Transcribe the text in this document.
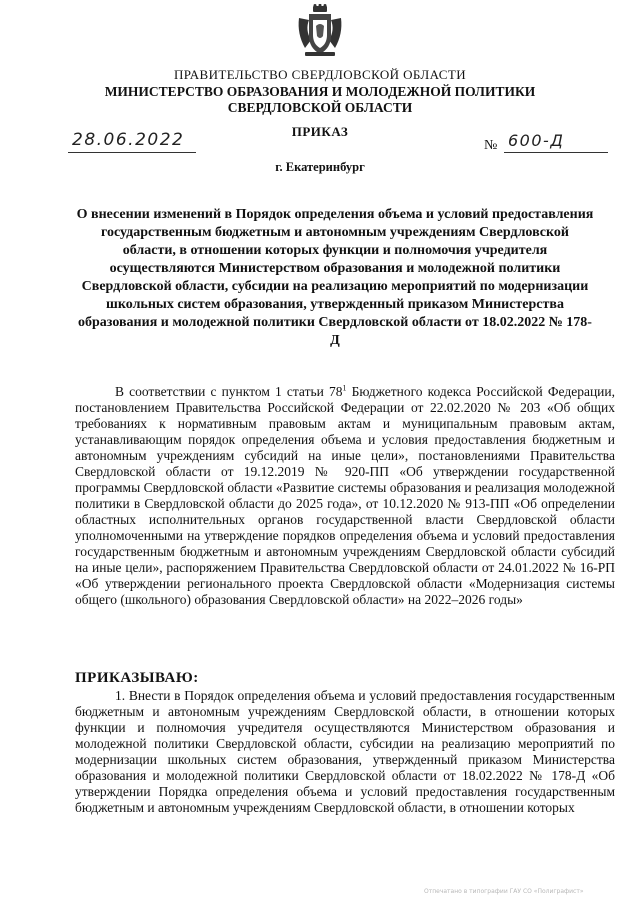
ПРАВИТЕЛЬСТВО СВЕРДЛОВСКОЙ ОБЛАСТИ
МИНИСТЕРСТВО ОБРАЗОВАНИЯ И МОЛОДЕЖНОЙ ПОЛИТИКИ
СВЕРДЛОВСКОЙ ОБЛАСТИ
ПРИКАЗ
28.06.2022	№ 600-Д
г. Екатеринбург
О внесении изменений в Порядок определения объема и условий предоставления государственным бюджетным и автономным учреждениям Свердловской области, в отношении которых функции и полномочия учредителя осуществляются Министерством образования и молодежной политики Свердловской области, субсидии на реализацию мероприятий по модернизации школьных систем образования, утвержденный приказом Министерства образования и молодежной политики Свердловской области от 18.02.2022 № 178-Д
В соответствии с пунктом 1 статьи $78^1$ Бюджетного кодекса Российской Федерации, постановлением Правительства Российской Федерации от 22.02.2020 № 203 «Об общих требованиях к нормативным правовым актам и муниципальным правовым актам, устанавливающим порядок определения объема и условия предоставления бюджетным и автономным учреждениям субсидий на иные цели», постановлениями Правительства Свердловской области от 19.12.2019 № 920-ПП «Об утверждении государственной программы Свердловской области «Развитие системы образования и реализация молодежной политики в Свердловской области до 2025 года», от 10.12.2020 № 913-ПП «Об определении областных исполнительных органов государственной власти Свердловской области уполномоченными на утверждение порядков определения объема и условий предоставления государственным бюджетным и автономным учреждениям Свердловской области субсидий на иные цели», распоряжением Правительства Свердловской области от 24.01.2022 № 16-РП «Об утверждении регионального проекта Свердловской области «Модернизация системы общего (школьного) образования Свердловской области» на 2022–2026 годы»
ПРИКАЗЫВАЮ:
1. Внести в Порядок определения объема и условий предоставления государственным бюджетным и автономным учреждениям Свердловской области, в отношении которых функции и полномочия учредителя осуществляются Министерством образования и молодежной политики Свердловской области, субсидии на реализацию мероприятий по модернизации школьных систем образования, утвержденный приказом Министерства образования и молодежной политики Свердловской области от 18.02.2022 № 178-Д «Об утверждении Порядка определения объема и условий предоставления государственным бюджетным и автономным учреждениям Свердловской области, в отношении которых
Отпечатано в типографии ГАУ СО «Полиграфист»
